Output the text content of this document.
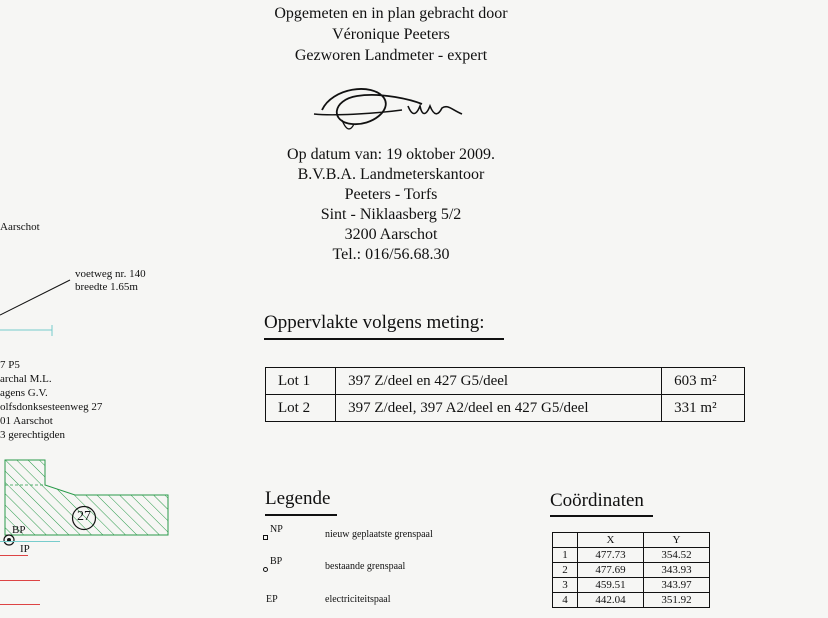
Opgemeten en in plan gebracht door
Véronique Peeters
Gezworen Landmeter - expert
Op datum van: 19 oktober 2009.
B.V.B.A. Landmeterskantoor
Peeters - Torfs
Sint - Niklaasberg 5/2
3200 Aarschot
Tel.: 016/56.68.30
Aarschot
voetweg nr. 140
breedte 1.65m
7 P5
archal M.L.
agens G.V.
olfsdonksesteenweg 27
01 Aarschot
3 gerechtigden
27
BP
IP
Oppervlakte volgens meting:
Lot 1	397 Z/deel en 427 G5/deel	603 m²
Lot 2	397 Z/deel, 397 A2/deel en 427 G5/deel	331 m²
Legende
NP	nieuw geplaatste grenspaal
BP	bestaande grenspaal
EP	electriciteitspaal
Coördinaten
	X	Y
1	477.73	354.52
2	477.69	343.93
3	459.51	343.97
4	442.04	351.92
